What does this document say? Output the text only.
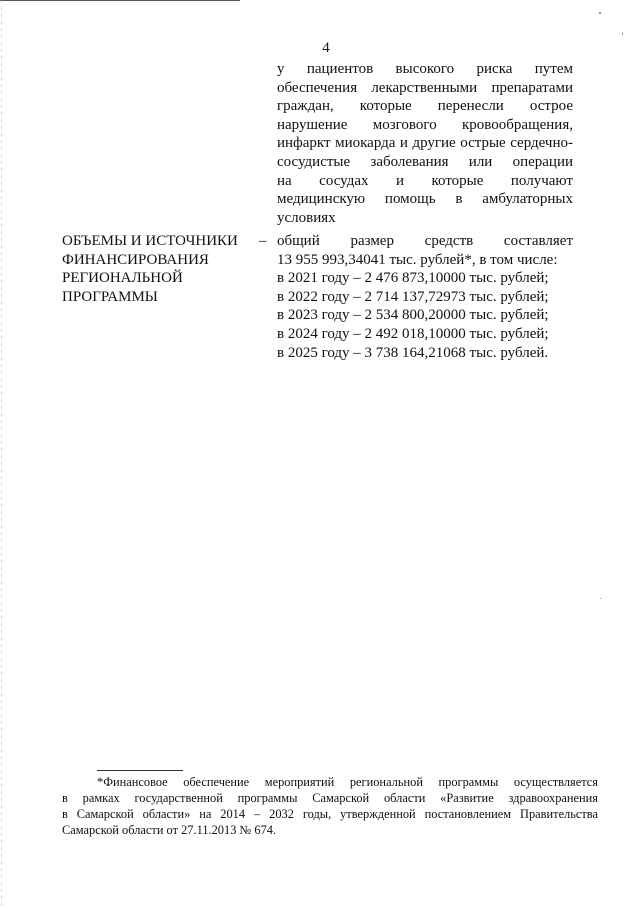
4
у пациентов высокого риска путем
обеспечения лекарственными препаратами
граждан, которые перенесли острое
нарушение мозгового кровообращения,
инфаркт миокарда и другие острые сердечно-
сосудистые заболевания или операции
на сосудах и которые получают
медицинскую помощь в амбулаторных
условиях
ОБЪЕМЫ И ИСТОЧНИКИ
ФИНАНСИРОВАНИЯ
РЕГИОНАЛЬНОЙ
ПРОГРАММЫ
– общий размер средств составляет
13 955 993,34041 тыс. рублей*, в том числе:
в 2021 году – 2 476 873,10000 тыс. рублей;
в 2022 году – 2 714 137,72973 тыс. рублей;
в 2023 году – 2 534 800,20000 тыс. рублей;
в 2024 году – 2 492 018,10000 тыс. рублей;
в 2025 году – 3 738 164,21068 тыс. рублей.
*Финансовое обеспечение мероприятий региональной программы осуществляется
в рамках государственной программы Самарской области «Развитие здравоохранения
в Самарской области» на 2014 – 2032 годы, утвержденной постановлением Правительства
Самарской области от 27.11.2013 № 674.
